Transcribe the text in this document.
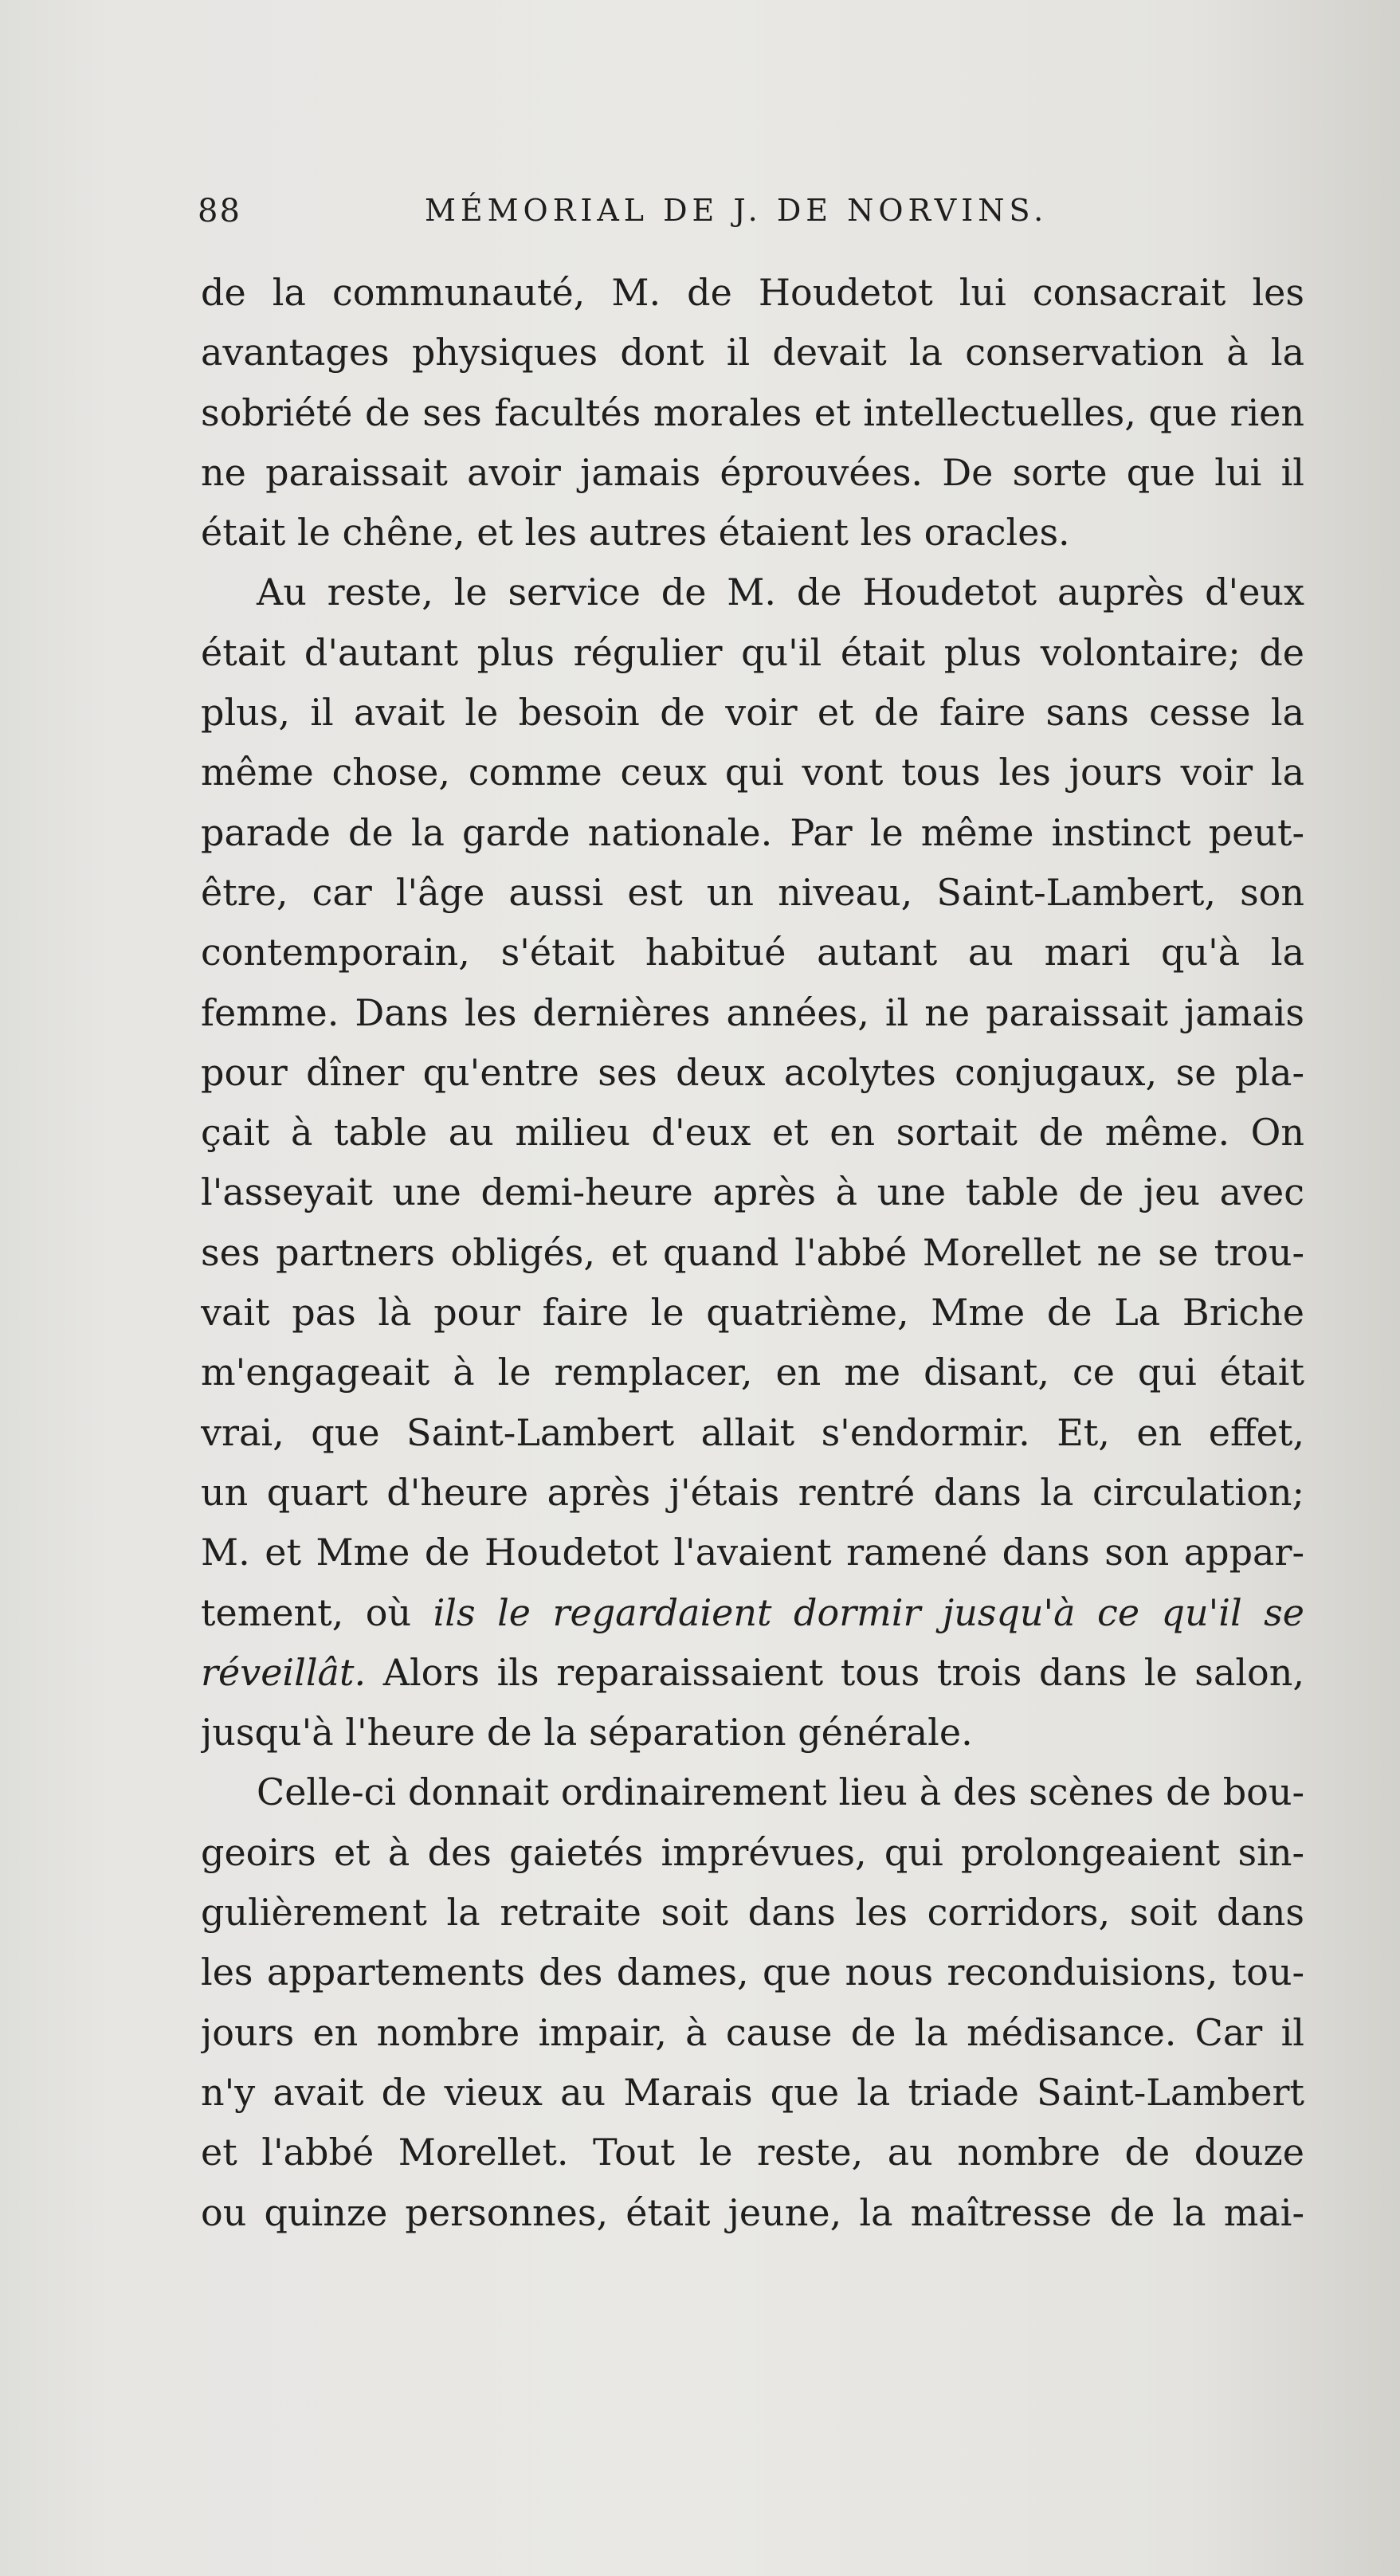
88	MÉMORIAL DE J. DE NORVINS.
de la communauté, M. de Houdetot lui consacrait les
avantages physiques dont il devait la conservation à la
sobriété de ses facultés morales et intellectuelles, que rien
ne paraissait avoir jamais éprouvées. De sorte que lui il
était le chêne, et les autres étaient les oracles.
Au reste, le service de M. de Houdetot auprès d'eux
était d'autant plus régulier qu'il était plus volontaire; de
plus, il avait le besoin de voir et de faire sans cesse la
même chose, comme ceux qui vont tous les jours voir la
parade de la garde nationale. Par le même instinct peut-
être, car l'âge aussi est un niveau, Saint-Lambert, son
contemporain, s'était habitué autant au mari qu'à la
femme. Dans les dernières années, il ne paraissait jamais
pour dîner qu'entre ses deux acolytes conjugaux, se pla-
çait à table au milieu d'eux et en sortait de même. On
l'asseyait une demi-heure après à une table de jeu avec
ses partners obligés, et quand l'abbé Morellet ne se trou-
vait pas là pour faire le quatrième, Mme de La Briche
m'engageait à le remplacer, en me disant, ce qui était
vrai, que Saint-Lambert allait s'endormir. Et, en effet,
un quart d'heure après j'étais rentré dans la circulation;
M. et Mme de Houdetot l'avaient ramené dans son appar-
tement, où ils le regardaient dormir jusqu'à ce qu'il se
réveillât. Alors ils reparaissaient tous trois dans le salon,
jusqu'à l'heure de la séparation générale.
Celle-ci donnait ordinairement lieu à des scènes de bou-
geoirs et à des gaietés imprévues, qui prolongeaient sin-
gulièrement la retraite soit dans les corridors, soit dans
les appartements des dames, que nous reconduisions, tou-
jours en nombre impair, à cause de la médisance. Car il
n'y avait de vieux au Marais que la triade Saint-Lambert
et l'abbé Morellet. Tout le reste, au nombre de douze
ou quinze personnes, était jeune, la maîtresse de la mai-
